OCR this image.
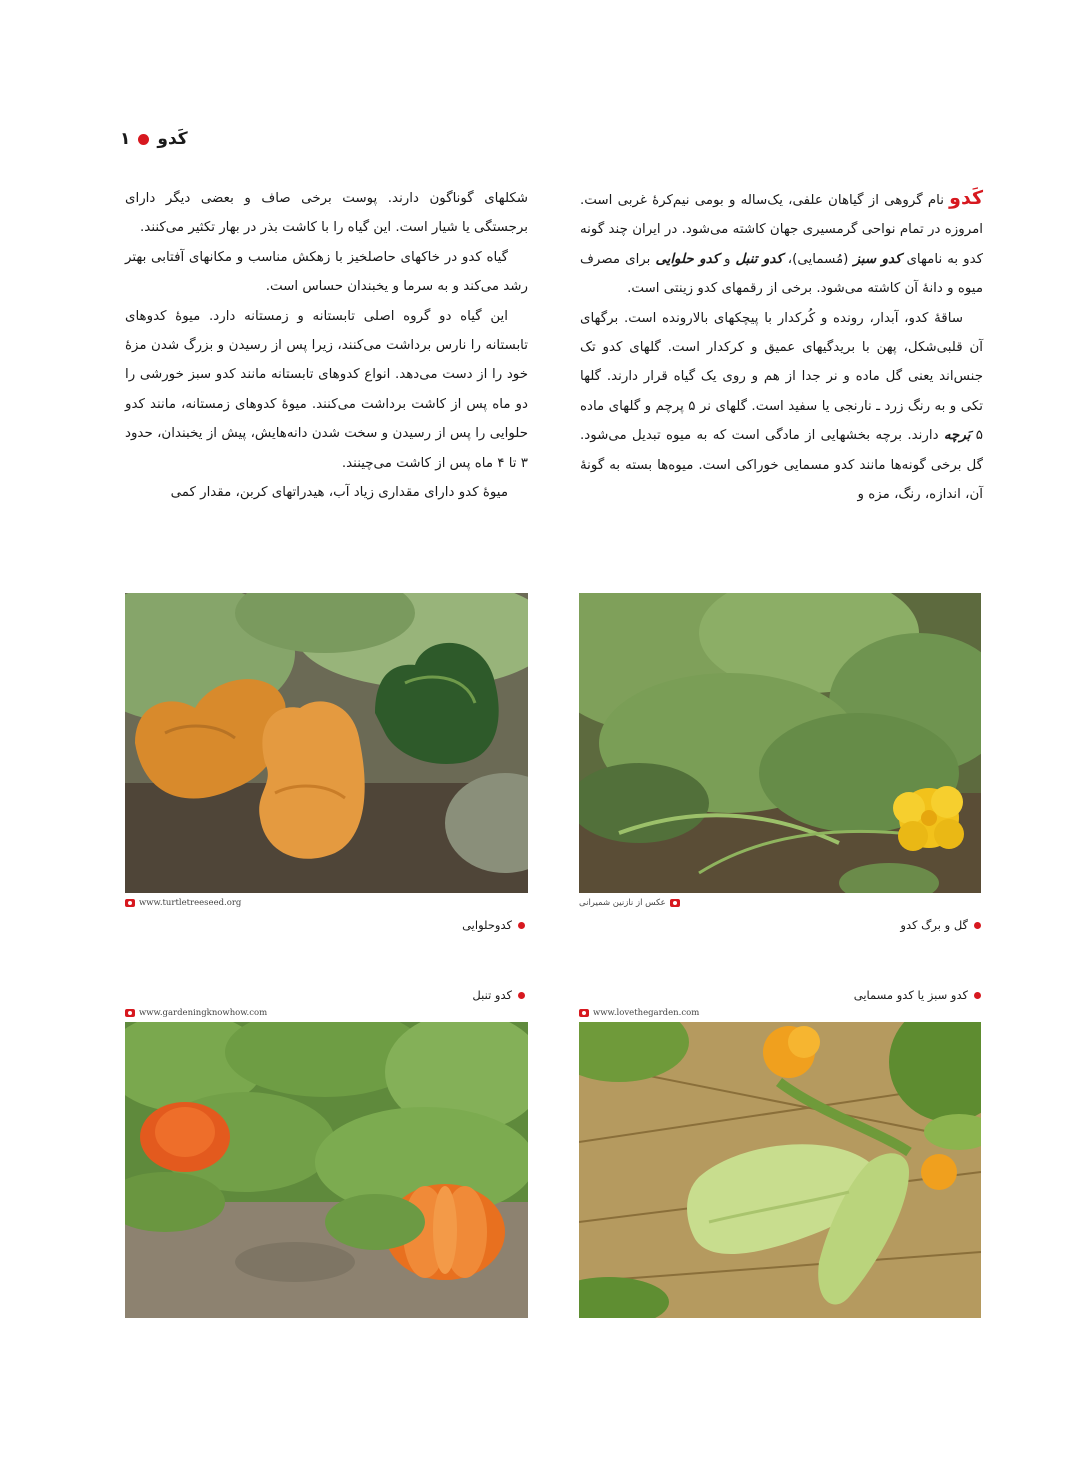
۱ کَدو

کَدو نام گروهی از گیاهان علفی، یک‌ساله و بومی نیم‌کرهٔ غربی است. امروزه در تمام نواحی گرمسیری جهان کاشته می‌شود. در ایران چند گونه کدو به نامهای کدو سبز (مُسمایی)، کدو تنبل و کدو حلوایی برای مصرف میوه و دانهٔ آن کاشته می‌شود. برخی از رقمهای کدو زینتی است.

ساقهٔ کدو، آبدار، رونده و کُرکدار با پیچکهای بالارونده است. برگهای آن قلبی‌شکل، پهن با بریدگیهای عمیق و کرکدار است. گلهای کدو تک جنس‌اند یعنی گل ماده و نر جدا از هم و روی یک گیاه قرار دارند. گلها تکی و به رنگ زرد ـ نارنجی یا سفید است. گلهای نر ۵ پرچم و گلهای ماده ۵ بَرچه دارند. برچه بخشهایی از مادگی است که به میوه تبدیل می‌شود. گل برخی گونه‌ها مانند کدو مسمایی خوراکی است. میوه‌ها بسته به گونهٔ آن، اندازه، رنگ، مزه و

شکلهای گوناگون دارند. پوست برخی صاف و بعضی دیگر دارای برجستگی یا شیار است. این گیاه را با کاشت بذر در بهار تکثیر می‌کنند.

گیاه کدو در خاکهای حاصلخیز با زهکش مناسب و مکانهای آفتابی بهتر رشد می‌کند و به سرما و یخبندان حساس است.

این گیاه دو گروه اصلی تابستانه و زمستانه دارد. میوهٔ کدوهای تابستانه را نارس برداشت می‌کنند، زیرا پس از رسیدن و بزرگ شدن مزهٔ خود را از دست می‌دهد. انواع کدوهای تابستانه مانند کدو سبز خورشی را دو ماه پس از کاشت برداشت می‌کنند. میوهٔ کدوهای زمستانه، مانند کدو حلوایی را پس از رسیدن و سخت شدن دانه‌هایش، پیش از یخبندان، حدود ۳ تا ۴ ماه پس از کاشت می‌چینند.

میوهٔ کدو دارای مقداری زیاد آب، هیدراتهای کربن، مقدار کمی

عکس از نازنین شمیرانی
گل و برگ کدو
www.turtletreeseed.org
کدوحلوایی
کدو سبز یا کدو مسمایی
www.lovethegarden.com
کدو تنبل
www.gardeningknowhow.com
